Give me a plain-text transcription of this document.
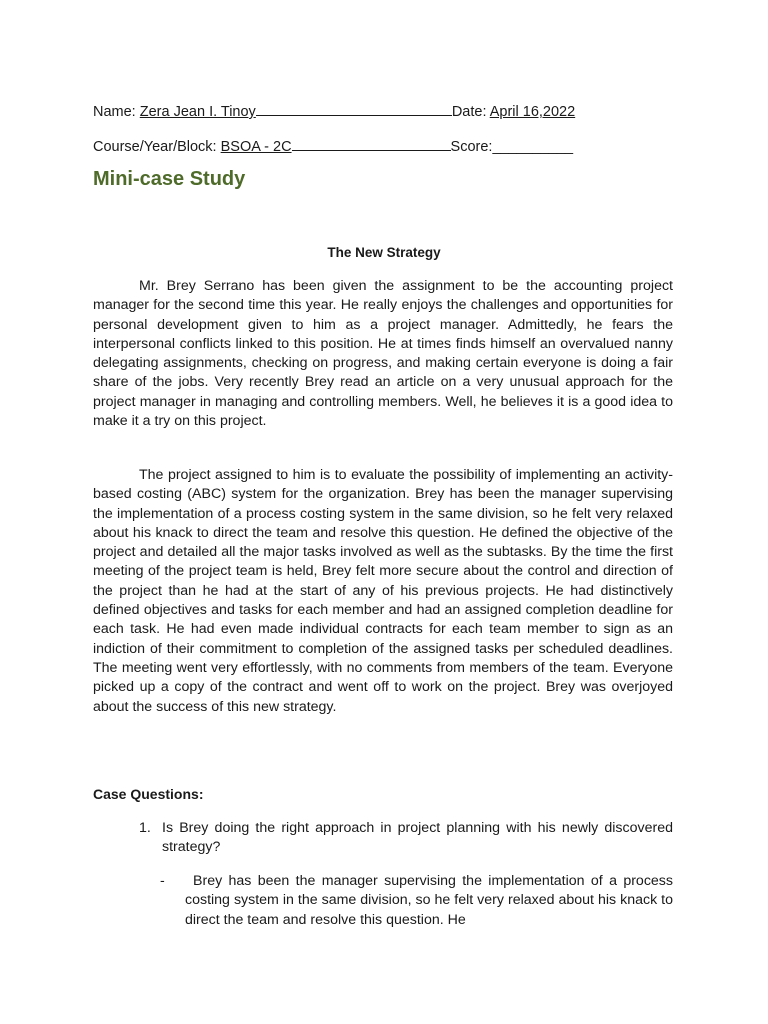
Name: Zera Jean I. Tinoy	Date: April 16,2022
Course/Year/Block: BSOA - 2C	Score:__________
Mini-case Study
The New Strategy

Mr. Brey Serrano has been given the assignment to be the accounting project manager for the second time this year. He really enjoys the challenges and opportunities for personal development given to him as a project manager. Admittedly, he fears the interpersonal conflicts linked to this position. He at times finds himself an overvalued nanny delegating assignments, checking on progress, and making certain everyone is doing a fair share of the jobs. Very recently Brey read an article on a very unusual approach for the project manager in managing and controlling members. Well, he believes it is a good idea to make it a try on this project.

The project assigned to him is to evaluate the possibility of implementing an activity-based costing (ABC) system for the organization. Brey has been the manager supervising the implementation of a process costing system in the same division, so he felt very relaxed about his knack to direct the team and resolve this question. He defined the objective of the project and detailed all the major tasks involved as well as the subtasks. By the time the first meeting of the project team is held, Brey felt more secure about the control and direction of the project than he had at the start of any of his previous projects. He had distinctively defined objectives and tasks for each member and had an assigned completion deadline for each task. He had even made individual contracts for each team member to sign as an indiction of their commitment to completion of the assigned tasks per scheduled deadlines. The meeting went very effortlessly, with no comments from members of the team. Everyone picked up a copy of the contract and went off to work on the project. Brey was overjoyed about the success of this new strategy.

Case Questions:
1. Is Brey doing the right approach in project planning with his newly discovered strategy?
-	Brey has been the manager supervising the implementation of a process costing system in the same division, so he felt very relaxed about his knack to direct the team and resolve this question. He
